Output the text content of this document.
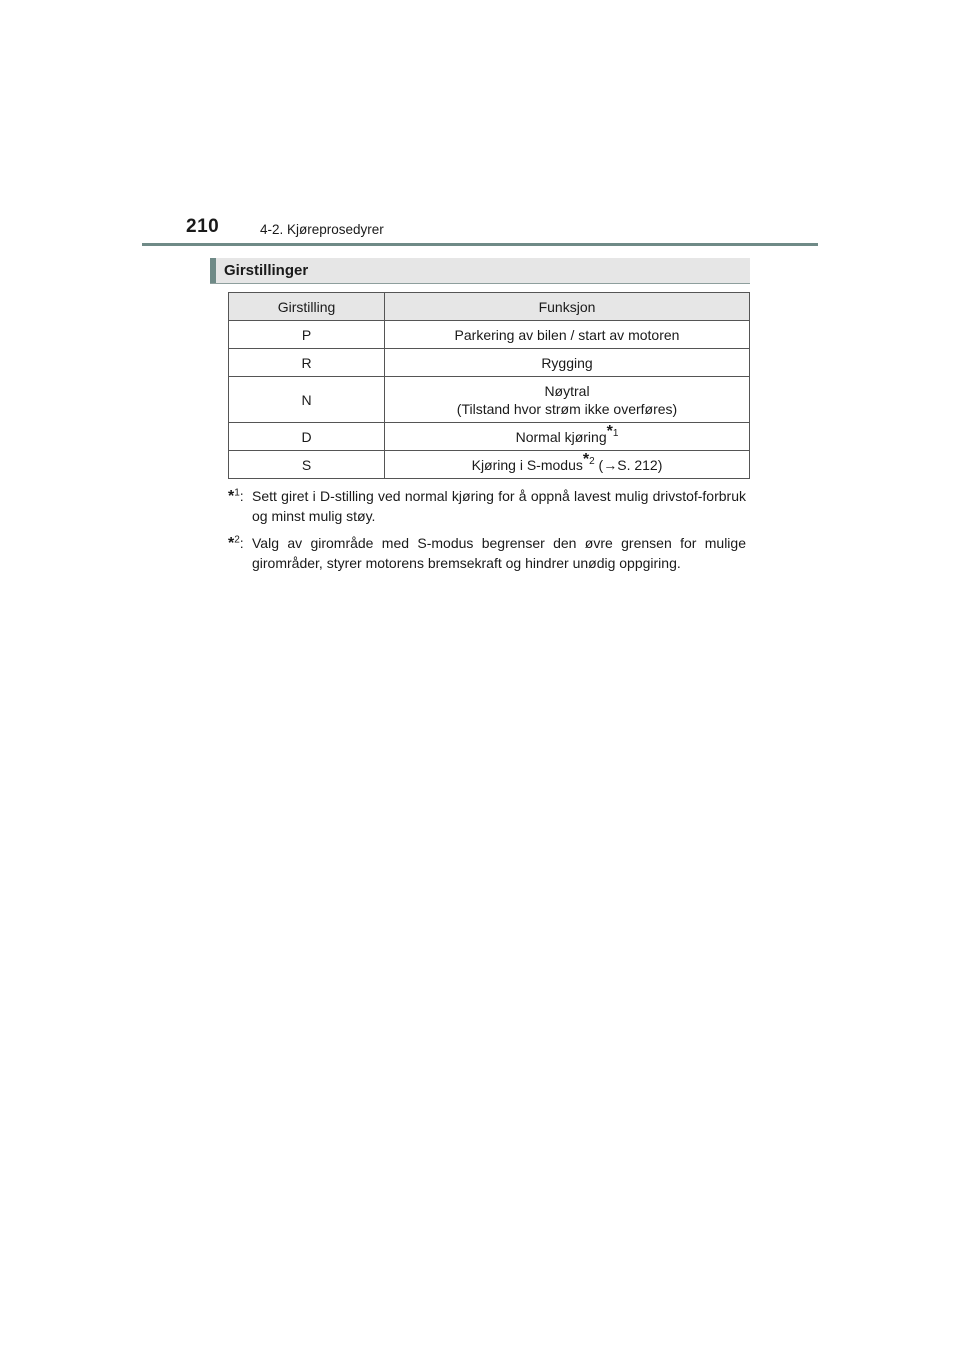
210	4-2. Kjøreprosedyrer
Girstillinger
Girstilling	Funksjon
P	Parkering av bilen / start av motoren
R	Rygging
N	Nøytral
(Tilstand hvor strøm ikke overføres)
D	Normal kjøring$^{*1}$
S	Kjøring i S-modus$^{*2}$ (→S. 212)
*$^1$: Sett giret i D-stilling ved normal kjøring for å oppnå lavest mulig drivstof-forbruk og minst mulig støy.
*$^2$: Valg av girområde med S-modus begrenser den øvre grensen for mulige girområder, styrer motorens bremsekraft og hindrer unødig oppgiring.
